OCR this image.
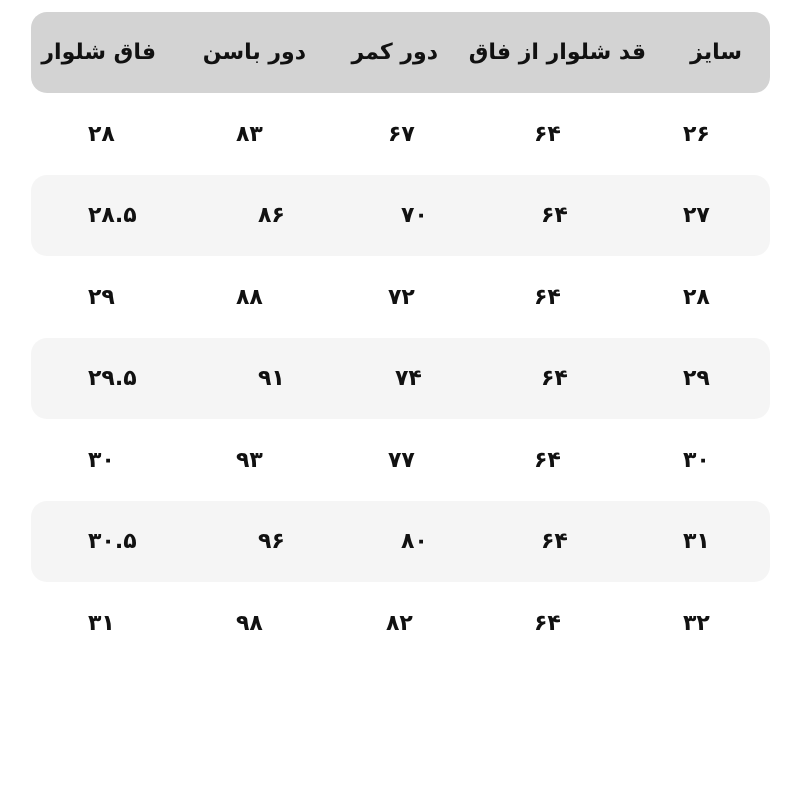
سایز
قد شلوار از فاق
دور کمر
دور باسن
فاق شلوار
۲۶
۶۴
۶۷
۸۳
۲۸
۲۷
۶۴
۷۰
۸۶
۲۸.۵
۲۸
۶۴
۷۲
۸۸
۲۹
۲۹
۶۴
۷۴
۹۱
۲۹.۵
۳۰
۶۴
۷۷
۹۳
۳۰
۳۱
۶۴
۸۰
۹۶
۳۰.۵
۳۲
۶۴
۸۲
۹۸
۳۱
